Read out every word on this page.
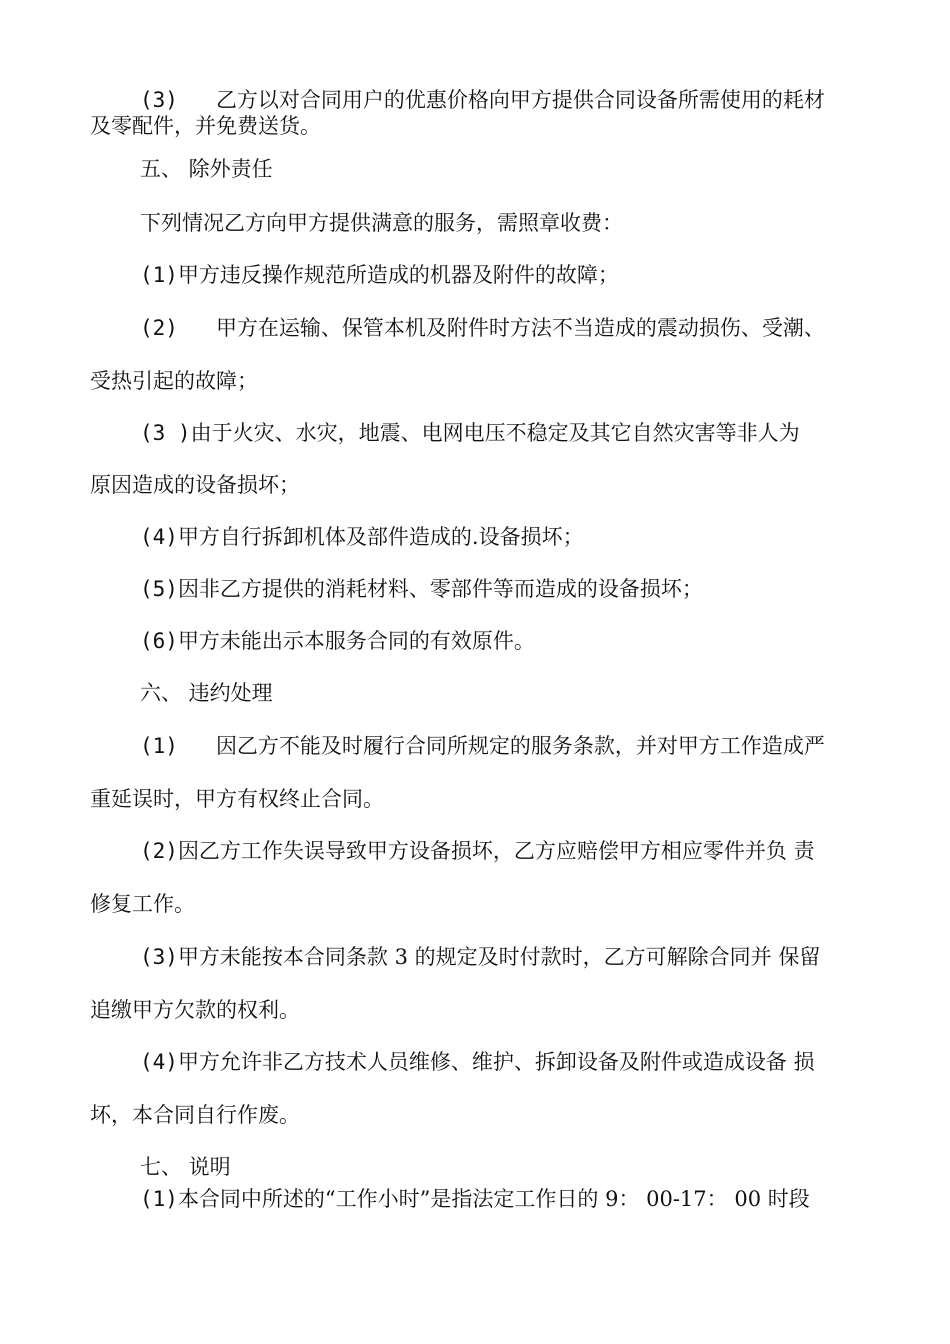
(3) 乙方以对合同用户的优惠价格向甲方提供合同设备所需使用的耗材
及零配件，并免费送货。
五、 除外责任
下列情况乙方向甲方提供满意的服务，需照章收费：
(1)甲方违反操作规范所造成的机器及附件的故障；
(2) 甲方在运输、保管本机及附件时方法不当造成的震动损伤、受潮、
受热引起的故障；
(3 )由于火灾、水灾，地震、电网电压不稳定及其它自然灾害等非人为
原因造成的设备损坏；
(4)甲方自行拆卸机体及部件造成的.设备损坏；
(5)因非乙方提供的消耗材料、零部件等而造成的设备损坏；
(6)甲方未能出示本服务合同的有效原件。
六、 违约处理
(1) 因乙方不能及时履行合同所规定的服务条款，并对甲方工作造成严
重延误时，甲方有权终止合同。
(2)因乙方工作失误导致甲方设备损坏，乙方应赔偿甲方相应零件并负 责
修复工作。
(3)甲方未能按本合同条款 3 的规定及时付款时，乙方可解除合同并 保留
追缴甲方欠款的权利。
(4)甲方允许非乙方技术人员维修、维护、拆卸设备及附件或造成设备 损
坏，本合同自行作废。
七、 说明
(1)本合同中所述的“工作小时”是指法定工作日的 9： 00-17： 00 时段
